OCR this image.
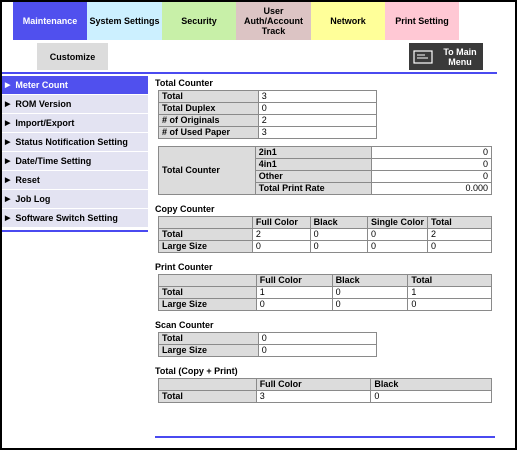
Maintenance System Settings Security
User Auth/Account Track
Network	Print Setting
Customize	To Main Menu
▶ Meter Count
▶ ROM Version
▶ Import/Export
▶ Status Notification Setting
▶ Date/Time Setting
▶ Reset
▶ Job Log
▶ Software Switch Setting
Total Counter
Total	3
Total Duplex	0
# of Originals	2
# of Used Paper	3
Total Counter	2in1	0
	4in1	0
	Other	0
	Total Print Rate	0.000
Copy Counter
	Full Color	Black	Single Color	Total
Total	2	0	0	2
Large Size	0	0	0	0
Print Counter
	Full Color	Black	Total
Total	1	0	1
Large Size	0	0	0
Scan Counter
Total	0
Large Size	0
Total (Copy + Print)
	Full Color	Black
Total	3	0
